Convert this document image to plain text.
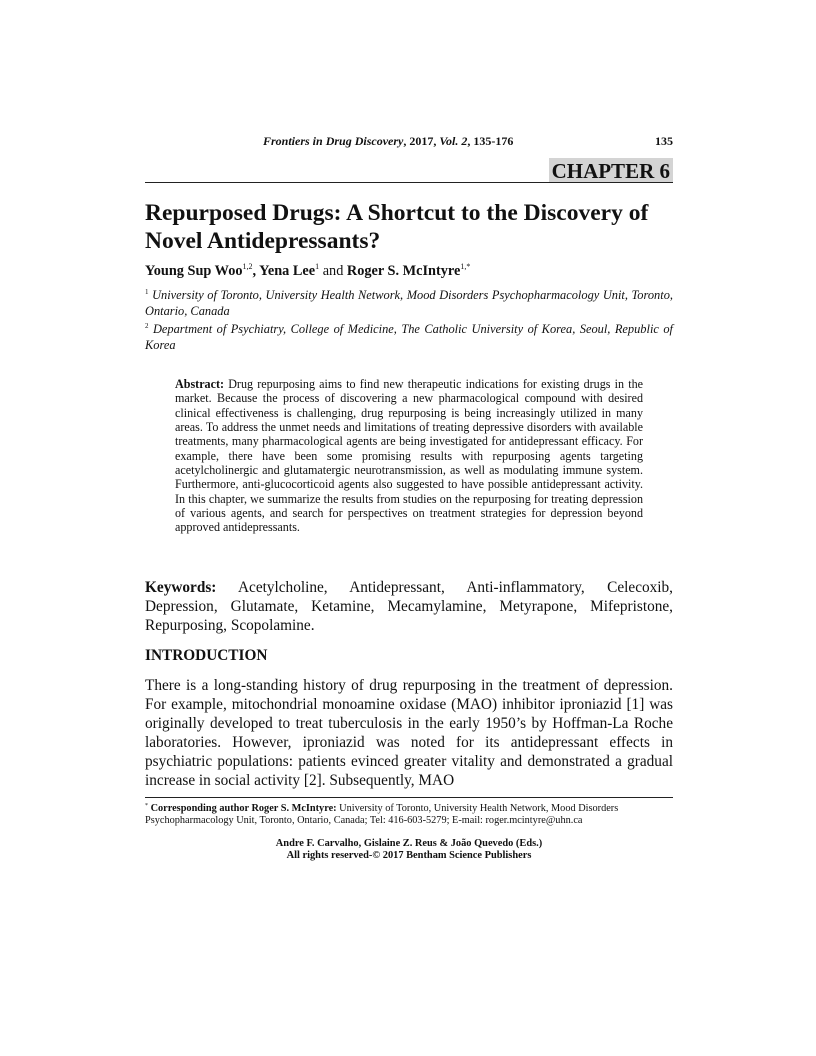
Frontiers in Drug Discovery, 2017, Vol. 2, 135-176	135
CHAPTER 6
Repurposed Drugs: A Shortcut to the Discovery of
Novel Antidepressants?
Young Sup Woo$^{1,2}$, Yena Lee$^1$ and Roger S. McIntyre$^{1,*}$
$^1$ University of Toronto, University Health Network, Mood Disorders Psychopharmacology Unit, Toronto, Ontario, Canada
$^2$ Department of Psychiatry, College of Medicine, The Catholic University of Korea, Seoul, Republic of Korea
Abstract: Drug repurposing aims to find new therapeutic indications for existing drugs in the market. Because the process of discovering a new pharmacological compound with desired clinical effectiveness is challenging, drug repurposing is being increasingly utilized in many areas. To address the unmet needs and limitations of treating depressive disorders with available treatments, many pharmacological agents are being investigated for antidepressant efficacy. For example, there have been some promising results with repurposing agents targeting acetylcholinergic and glutamatergic neurotransmission, as well as modulating immune system. Furthermore, anti-glucocorticoid agents also suggested to have possible antidepressant activity. In this chapter, we summarize the results from studies on the repurposing for treating depression of various agents, and search for perspectives on treatment strategies for depression beyond approved antidepressants.
Keywords: Acetylcholine, Antidepressant, Anti-inflammatory, Celecoxib, Depression, Glutamate, Ketamine, Mecamylamine, Metyrapone, Mifepristone, Repurposing, Scopolamine.
INTRODUCTION
There is a long-standing history of drug repurposing in the treatment of depression. For example, mitochondrial monoamine oxidase (MAO) inhibitor iproniazid [1] was originally developed to treat tuberculosis in the early 1950’s by Hoffman-La Roche laboratories. However, iproniazid was noted for its antidepressant effects in psychiatric populations: patients evinced greater vitality and demonstrated a gradual increase in social activity [2]. Subsequently, MAO
* Corresponding author Roger S. McIntyre: University of Toronto, University Health Network, Mood Disorders Psychopharmacology Unit, Toronto, Ontario, Canada; Tel: 416-603-5279; E-mail: roger.mcintyre@uhn.ca
Andre F. Carvalho, Gislaine Z. Reus & João Quevedo (Eds.)
All rights reserved-© 2017 Bentham Science Publishers
